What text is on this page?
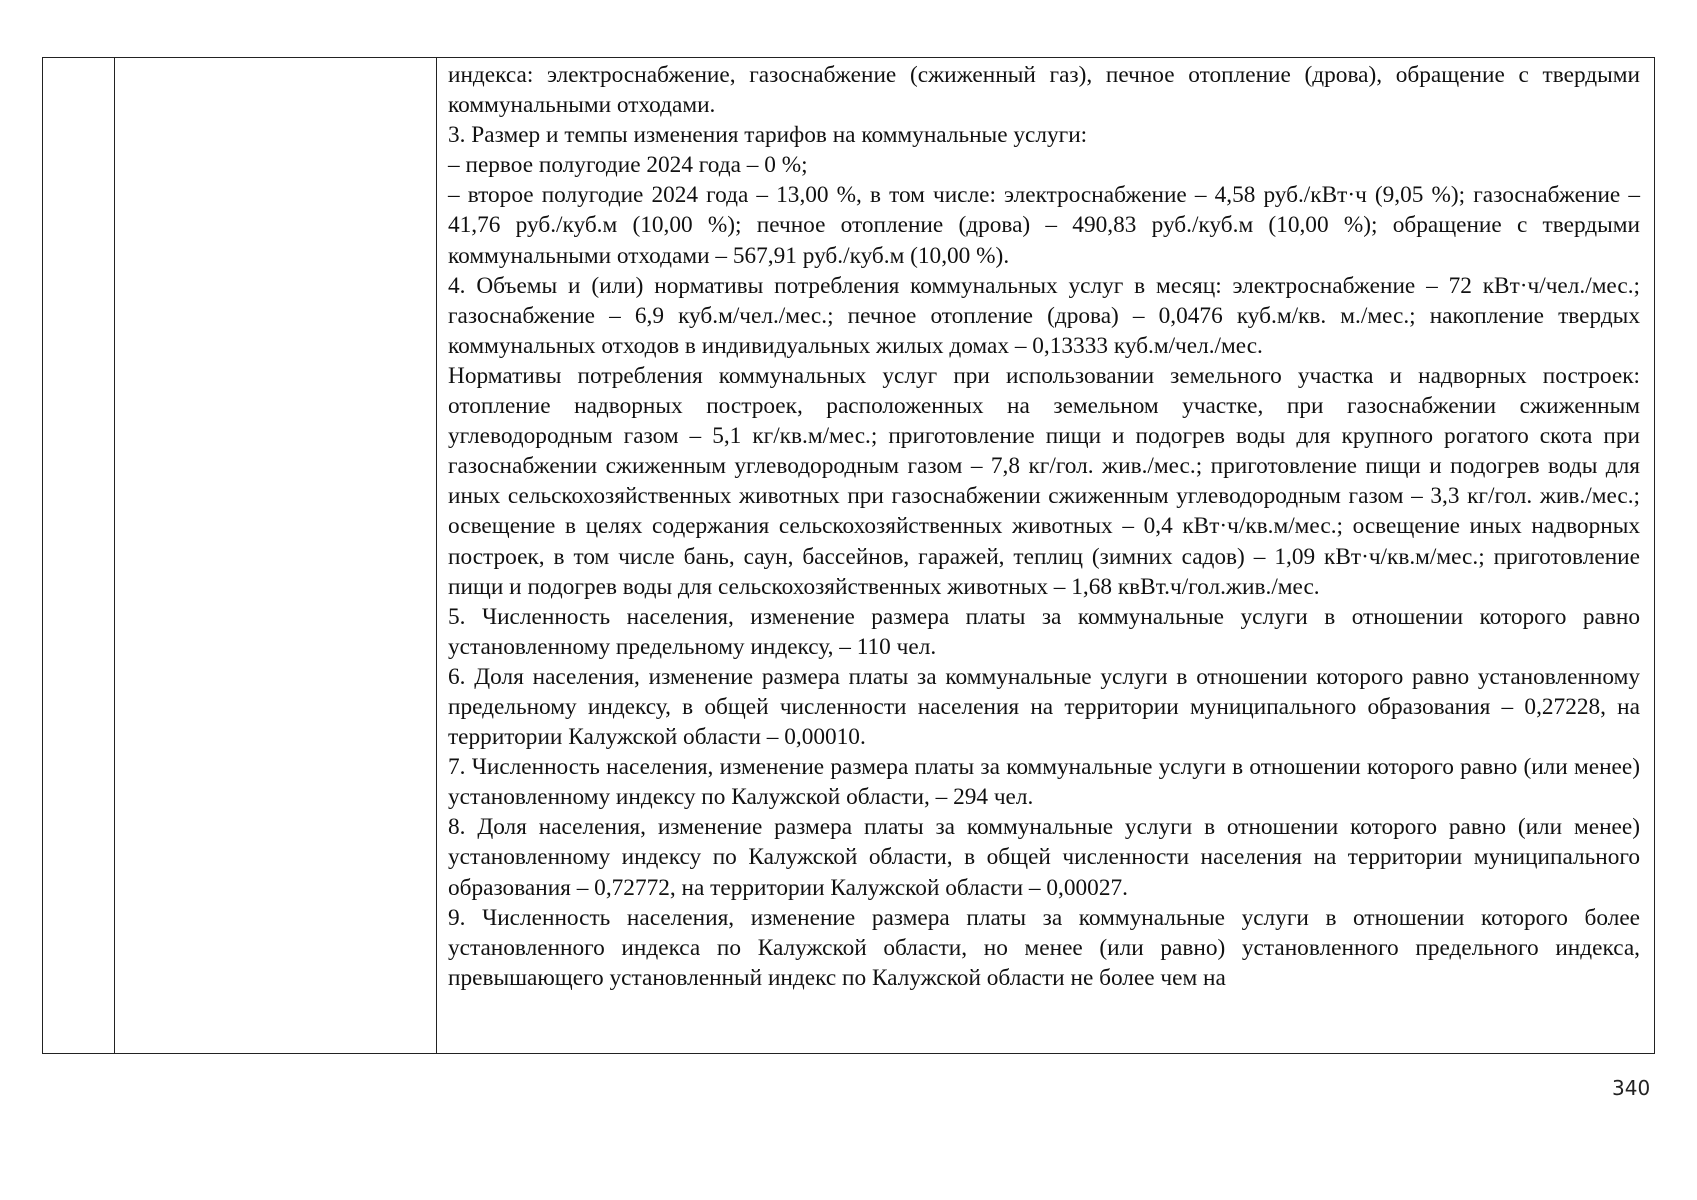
индекса: электроснабжение, газоснабжение (сжиженный газ), печное отопление (дрова), обращение с твердыми коммунальными отходами.

3. Размер и темпы изменения тарифов на коммунальные услуги:

– первое полугодие 2024 года – 0 %;

– второе полугодие 2024 года – 13,00 %, в том числе: электроснабжение – 4,58 руб./кВт·ч (9,05 %); газоснабжение – 41,76 руб./куб.м (10,00 %); печное отопление (дрова) – 490,83 руб./куб.м (10,00 %); обращение с твердыми коммунальными отходами – 567,91 руб./куб.м (10,00 %).

4. Объемы и (или) нормативы потребления коммунальных услуг в месяц: электроснабжение – 72 кВт·ч/чел./мес.; газоснабжение – 6,9 куб.м/чел./мес.; печное отопление (дрова) – 0,0476 куб.м/кв. м./мес.; накопление твердых коммунальных отходов в индивидуальных жилых домах – 0,13333 куб.м/чел./мес.

Нормативы потребления коммунальных услуг при использовании земельного участка и надворных построек: отопление надворных построек, расположенных на земельном участке, при газоснабжении сжиженным углеводородным газом – 5,1 кг/кв.м/мес.; приготовление пищи и подогрев воды для крупного рогатого скота при газоснабжении сжиженным углеводородным газом – 7,8 кг/гол. жив./мес.; приготовление пищи и подогрев воды для иных сельскохозяйственных животных при газоснабжении сжиженным углеводородным газом – 3,3 кг/гол. жив./мес.; освещение в целях содержания сельскохозяйственных животных – 0,4 кВт·ч/кв.м/мес.; освещение иных надворных построек, в том числе бань, саун, бассейнов, гаражей, теплиц (зимних садов) – 1,09 кВт·ч/кв.м/мес.; приготовление пищи и подогрев воды для сельскохозяйственных животных – 1,68 квВт.ч/гол.жив./мес.

5. Численность населения, изменение размера платы за коммунальные услуги в отношении которого равно установленному предельному индексу, – 110 чел.

6. Доля населения, изменение размера платы за коммунальные услуги в отношении которого равно установленному предельному индексу, в общей численности населения на территории муниципального образования – 0,27228, на территории Калужской области – 0,00010.

7. Численность населения, изменение размера платы за коммунальные услуги в отношении которого равно (или менее) установленному индексу по Калужской области, – 294 чел.

8. Доля населения, изменение размера платы за коммунальные услуги в отношении которого равно (или менее) установленному индексу по Калужской области, в общей численности населения на территории муниципального образования – 0,72772, на территории Калужской области – 0,00027.

9. Численность населения, изменение размера платы за коммунальные услуги в отношении которого более установленного индекса по Калужской области, но менее (или равно) установленного предельного индекса, превышающего установленный индекс по Калужской области не более чем на

340
